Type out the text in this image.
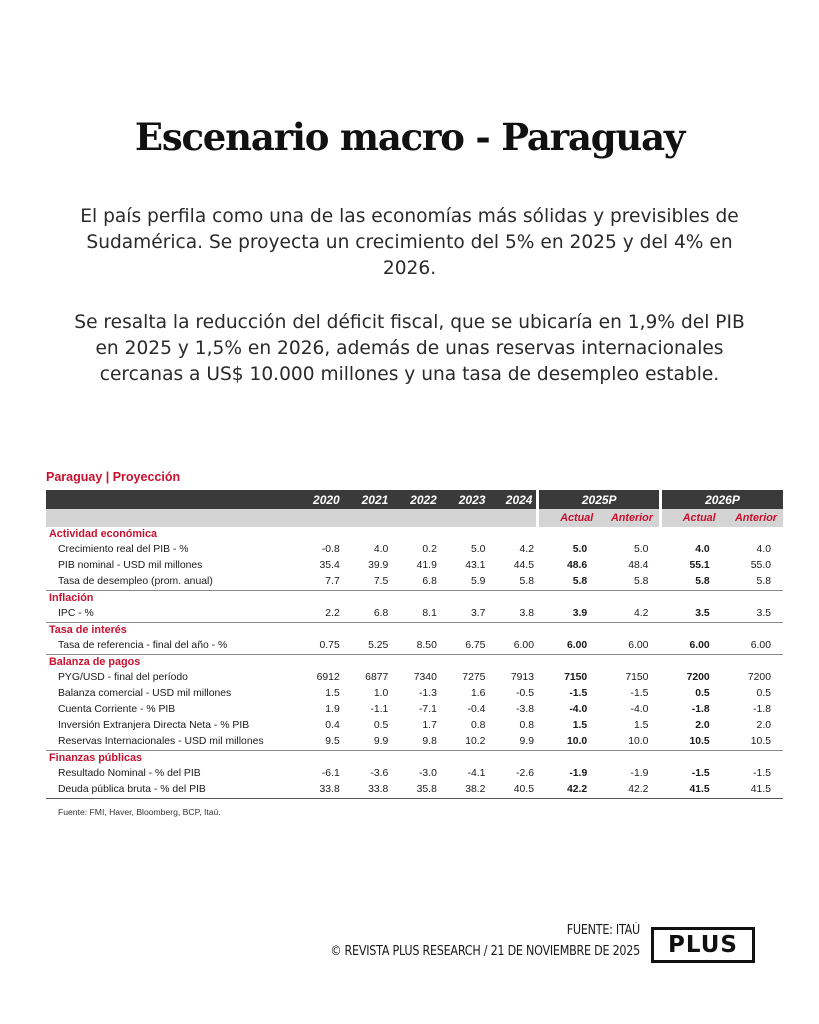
Escenario macro - Paraguay

El país perfila como una de las economías más sólidas y previsibles de Sudamérica. Se proyecta un crecimiento del 5% en 2025 y del 4% en 2026.

Se resalta la reducción del déficit fiscal, que se ubicaría en 1,9% del PIB en 2025 y 1,5% en 2026, además de unas reservas internacionales cercanas a US$ 10.000 millones y una tasa de desempleo estable.

Paraguay | Proyección
	2020	2021	2022	2023	2024	2025P		2026P	
						Actual	Anterior	Actual	Anterior
Actividad económica									
Crecimiento real del PIB - %	-0.8	4.0	0.2	5.0	4.2	5.0	5.0	4.0	4.0
PIB nominal - USD mil millones	35.4	39.9	41.9	43.1	44.5	48.6	48.4	55.1	55.0
Tasa de desempleo (prom. anual)	7.7	7.5	6.8	5.9	5.8	5.8	5.8	5.8	5.8
Inflación									
IPC - %	2.2	6.8	8.1	3.7	3.8	3.9	4.2	3.5	3.5
Tasa de interés									
Tasa de referencia - final del año - %	0.75	5.25	8.50	6.75	6.00	6.00	6.00	6.00	6.00
Balanza de pagos									
PYG/USD - final del período	6912	6877	7340	7275	7913	7150	7150	7200	7200
Balanza comercial - USD mil millones	1.5	1.0	-1.3	1.6	-0.5	-1.5	-1.5	0.5	0.5
Cuenta Corriente - % PIB	1.9	-1.1	-7.1	-0.4	-3.8	-4.0	-4.0	-1.8	-1.8
Inversión Extranjera Directa Neta - % PIB	0.4	0.5	1.7	0.8	0.8	1.5	1.5	2.0	2.0
Reservas Internacionales - USD mil millones	9.5	9.9	9.8	10.2	9.9	10.0	10.0	10.5	10.5
Finanzas públicas									
Resultado Nominal - % del PIB	-6.1	-3.6	-3.0	-4.1	-2.6	-1.9	-1.9	-1.5	-1.5
Deuda pública bruta - % del PIB	33.8	33.8	35.8	38.2	40.5	42.2	42.2	41.5	41.5
Fuente: FMI, Haver, Bloomberg, BCP, Itaú.
FUENTE: ITAÚ
© REVISTA PLUS RESEARCH / 21 DE NOVIEMBRE DE 2025	PLUS
